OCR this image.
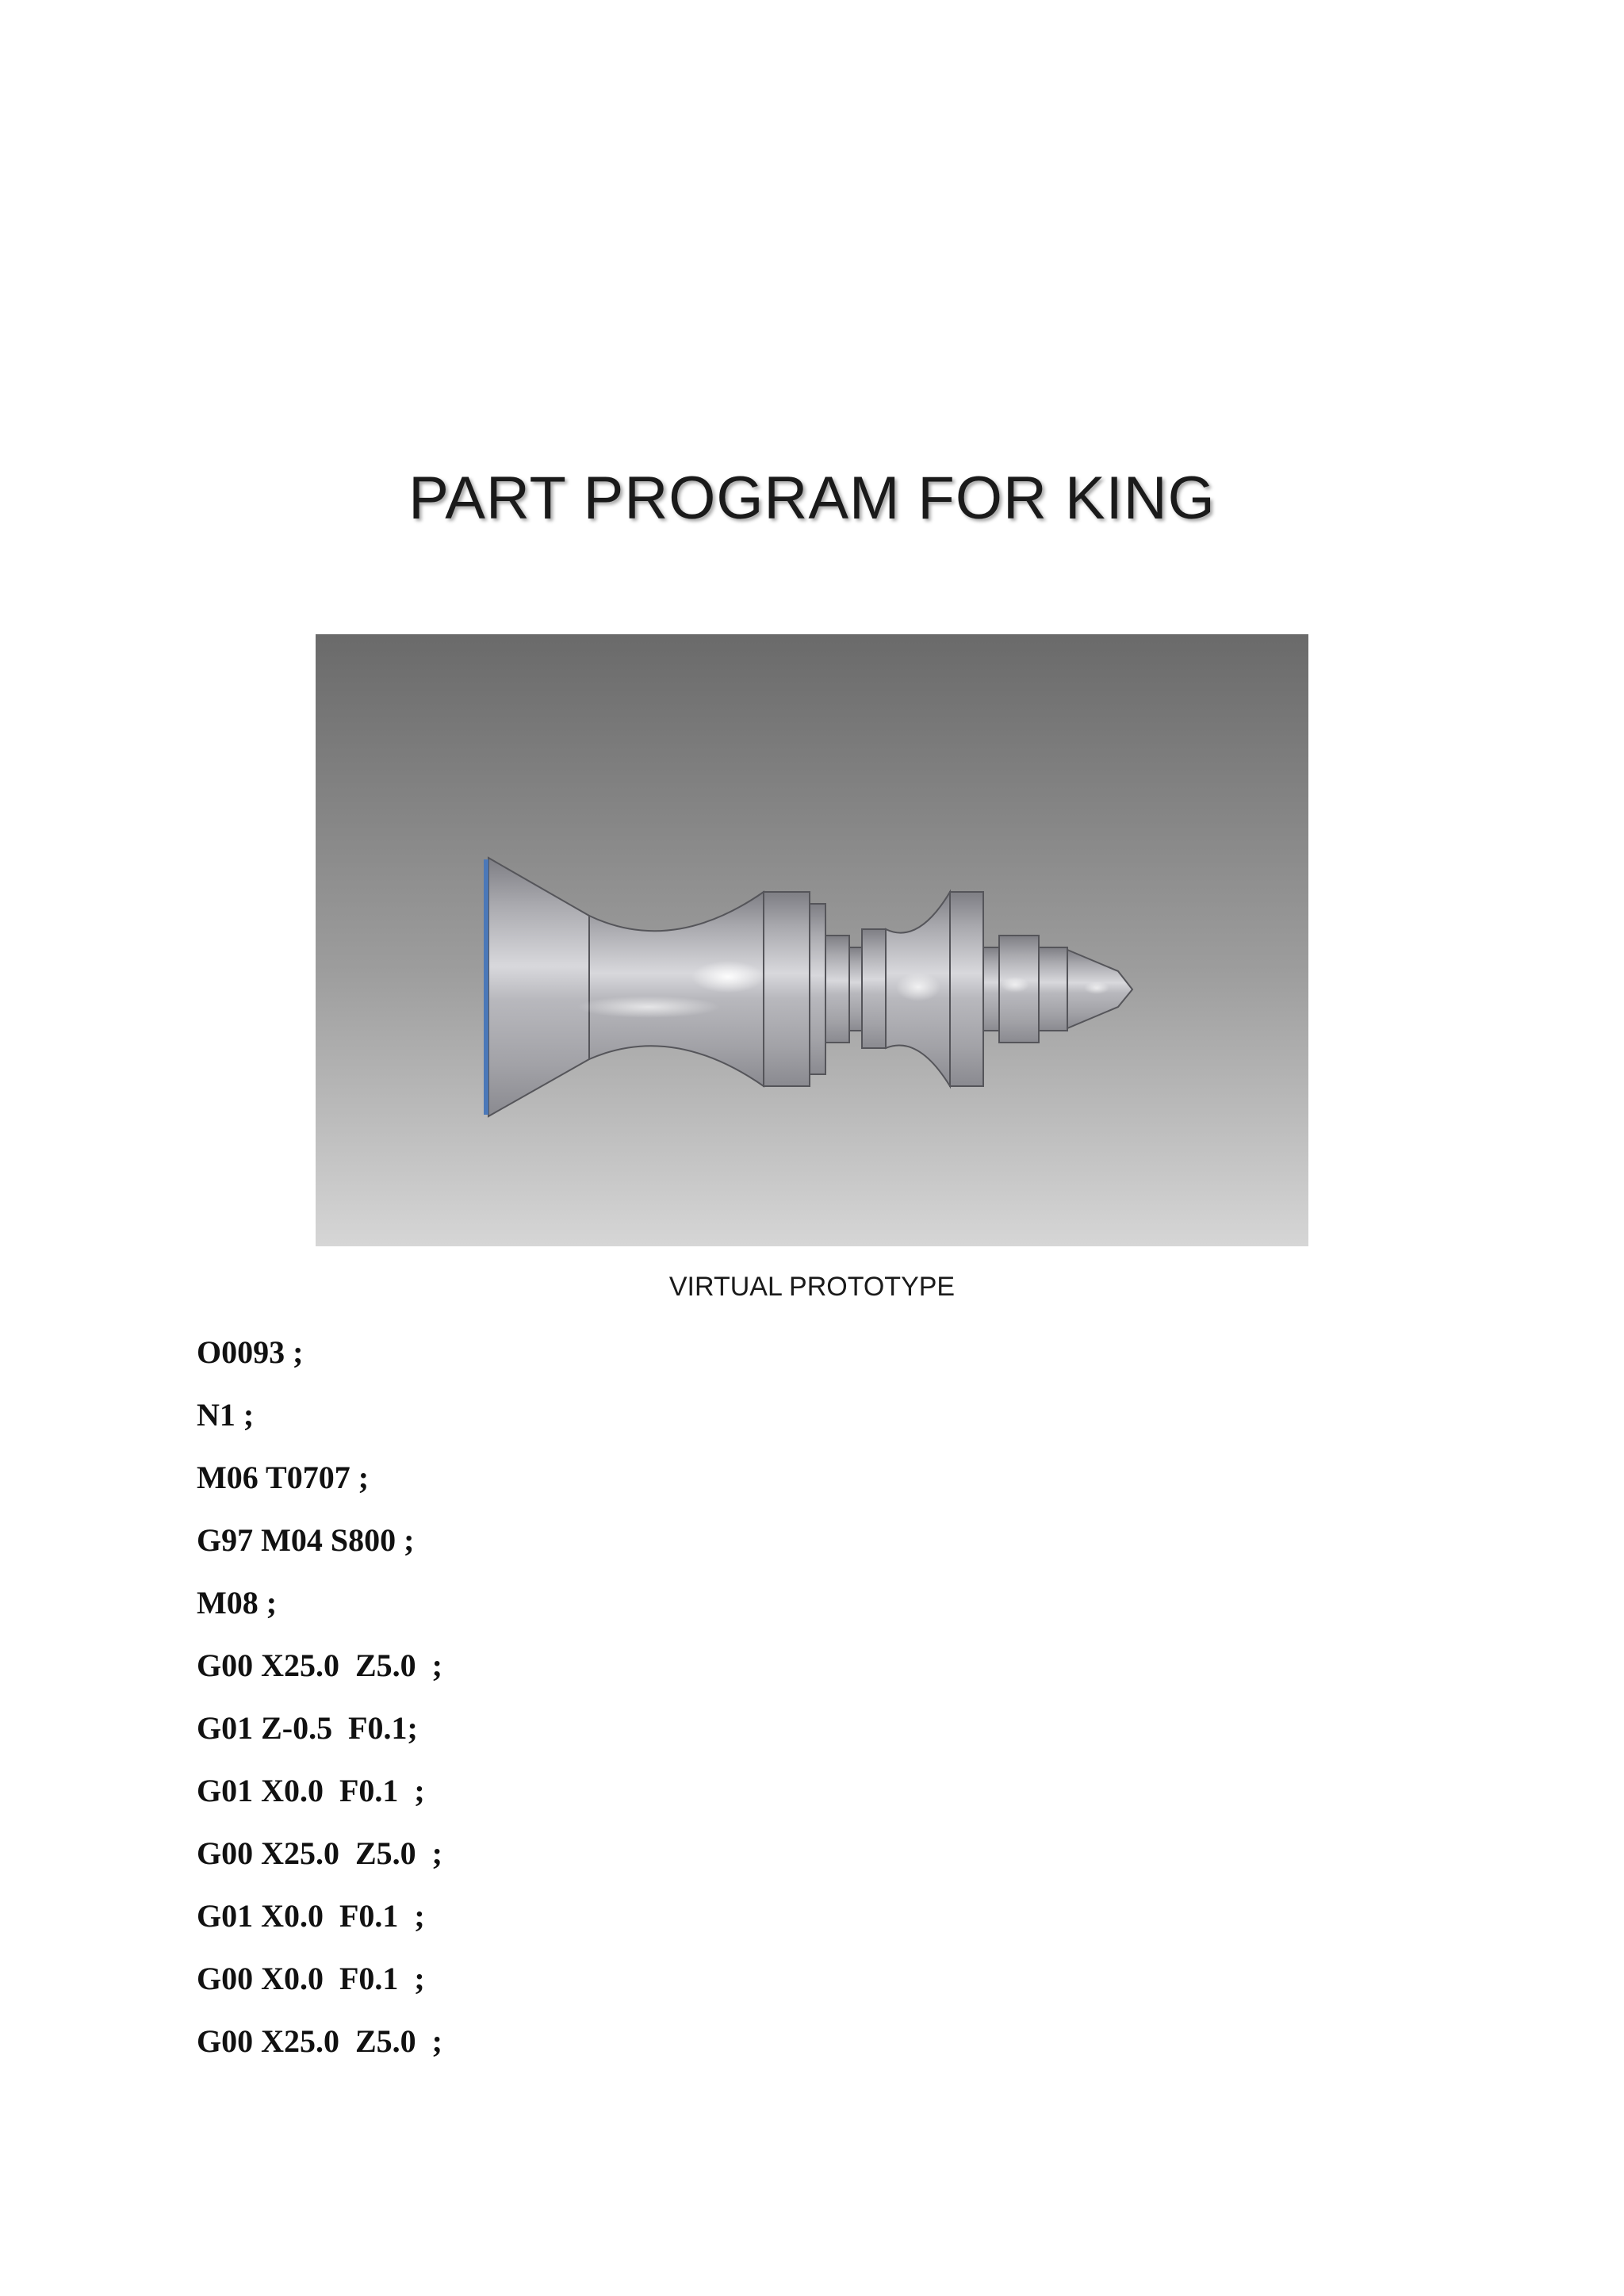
PART PROGRAM FOR KING
VIRTUAL PROTOTYPE
O0093 ;
N1 ;
M06 T0707 ;
G97 M04 S800 ;
M08 ;
G00 X25.0  Z5.0  ;
G01 Z-0.5  F0.1;
G01 X0.0  F0.1  ;
G00 X25.0  Z5.0  ;
G01 X0.0  F0.1  ;
G00 X0.0  F0.1  ;
G00 X25.0  Z5.0  ;
